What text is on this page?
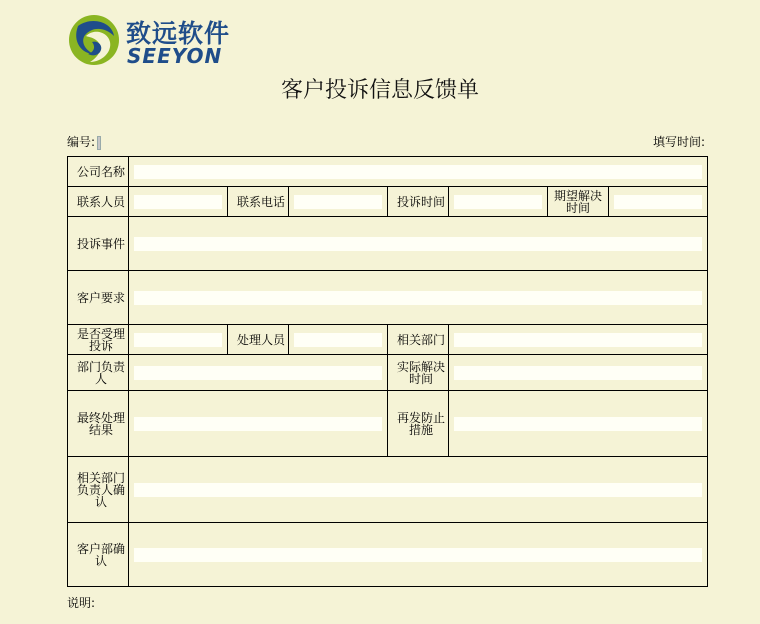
致远软件
SEEYON
客户投诉信息反馈单
编号:	填写时间:
公司名称							

联系人员		联系电话		投诉时间		期望解决时间	

投诉事件							

客户要求							

是否受理投诉		处理人员		相关部门			

部门负责人				实际解决时间			

最终处理结果				再发防止措施			

相关部门负责人确认							

客户部确认							
说明:
